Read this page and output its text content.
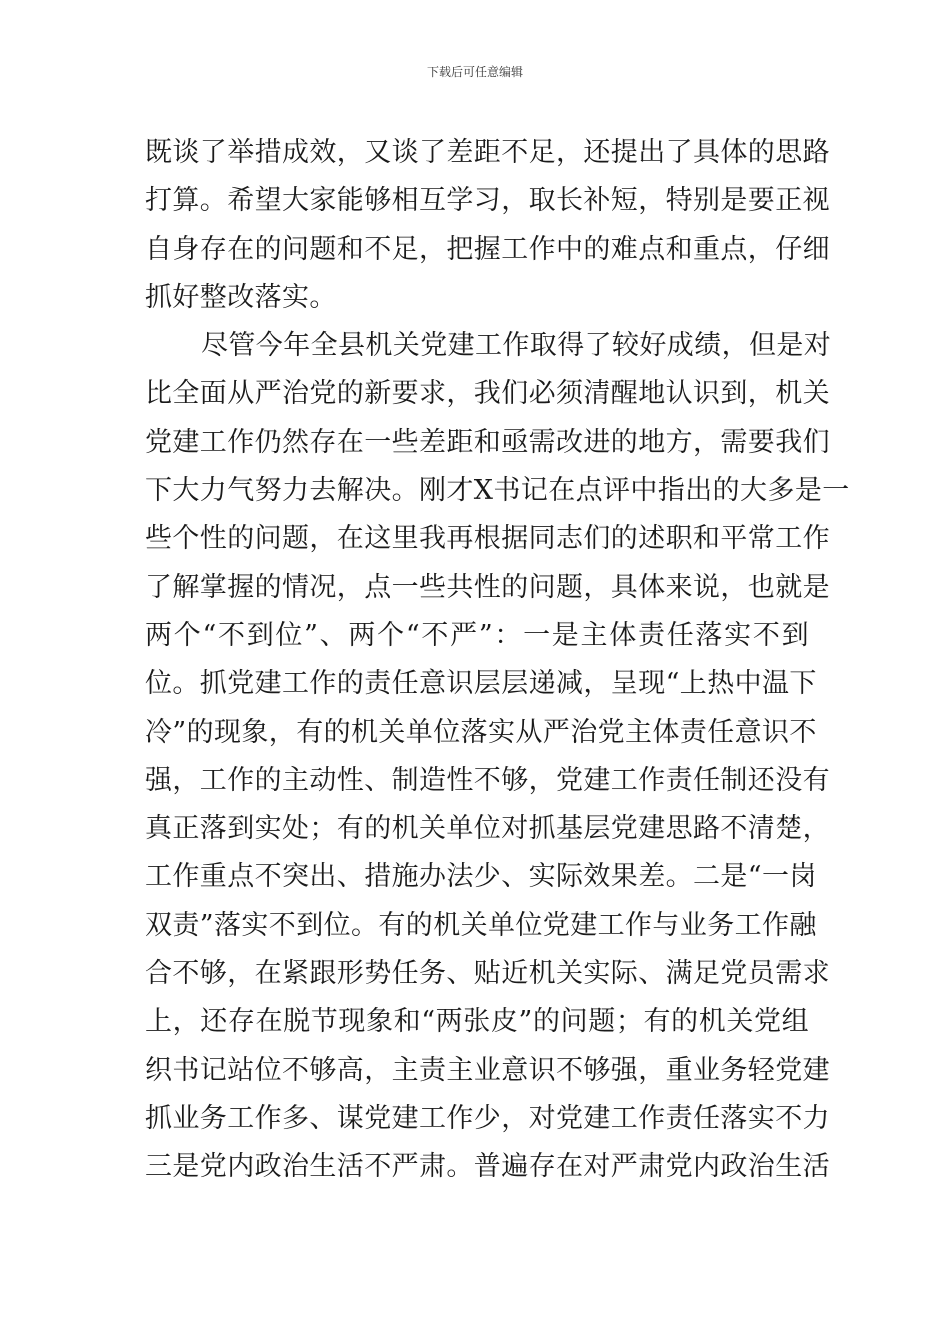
下载后可任意编辑
既谈了举措成效，又谈了差距不足，还提出了具体的思路
打算。希望大家能够相互学习，取长补短，特别是要正视
自身存在的问题和不足，把握工作中的难点和重点，仔细
抓好整改落实。
尽管今年全县机关党建工作取得了较好成绩，但是对
比全面从严治党的新要求，我们必须清醒地认识到，机关
党建工作仍然存在一些差距和亟需改进的地方，需要我们
下大力气努力去解决。刚才X书记在点评中指出的大多是一
些个性的问题，在这里我再根据同志们的述职和平常工作
了解掌握的情况，点一些共性的问题，具体来说，也就是
两个“不到位”、两个“不严”：一是主体责任落实不到
位。抓党建工作的责任意识层层递减，呈现“上热中温下
冷”的现象，有的机关单位落实从严治党主体责任意识不
强，工作的主动性、制造性不够，党建工作责任制还没有
真正落到实处；有的机关单位对抓基层党建思路不清楚，
工作重点不突出、措施办法少、实际效果差。二是“一岗
双责”落实不到位。有的机关单位党建工作与业务工作融
合不够，在紧跟形势任务、贴近机关实际、满足党员需求
上，还存在脱节现象和“两张皮”的问题；有的机关党组
织书记站位不够高，主责主业意识不够强，重业务轻党建
抓业务工作多、谋党建工作少，对党建工作责任落实不力
三是党内政治生活不严肃。普遍存在对严肃党内政治生活
